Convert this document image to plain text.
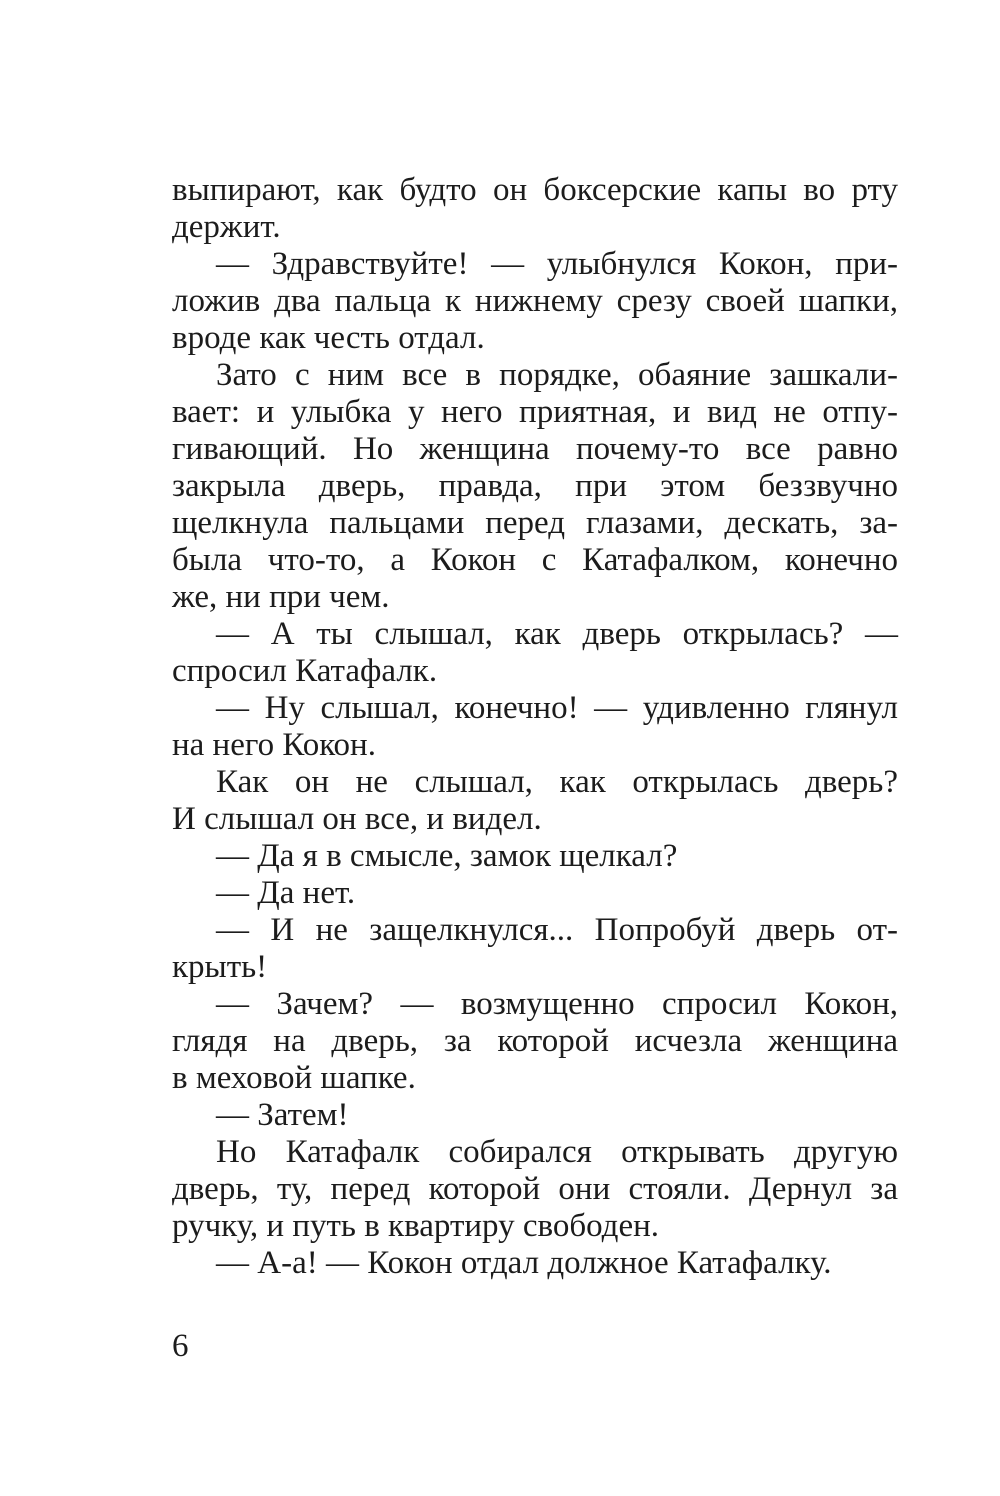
выпирают, как будто он боксерские капы во рту
держит.
— Здравствуйте! — улыбнулся Кокон, при-
ложив два пальца к нижнему срезу своей шапки,
вроде как честь отдал.
Зато с ним все в порядке, обаяние зашкали-
вает: и улыбка у него приятная, и вид не отпу-
гивающий. Но женщина почему-то все равно
закрыла дверь, правда, при этом беззвучно
щелкнула пальцами перед глазами, дескать, за-
была что-то, а Кокон с Катафалком, конечно
же, ни при чем.
— А ты слышал, как дверь открылась? —
спросил Катафалк.
— Ну слышал, конечно! — удивленно глянул
на него Кокон.
Как он не слышал, как открылась дверь?
И слышал он все, и видел.
— Да я в смысле, замок щелкал?
— Да нет.
— И не защелкнулся... Попробуй дверь от-
крыть!
— Зачем? — возмущенно спросил Кокон,
глядя на дверь, за которой исчезла женщина
в меховой шапке.
— Затем!
Но Катафалк собирался открывать другую
дверь, ту, перед которой они стояли. Дернул за
ручку, и путь в квартиру свободен.
— А-а! — Кокон отдал должное Катафалку.
6
